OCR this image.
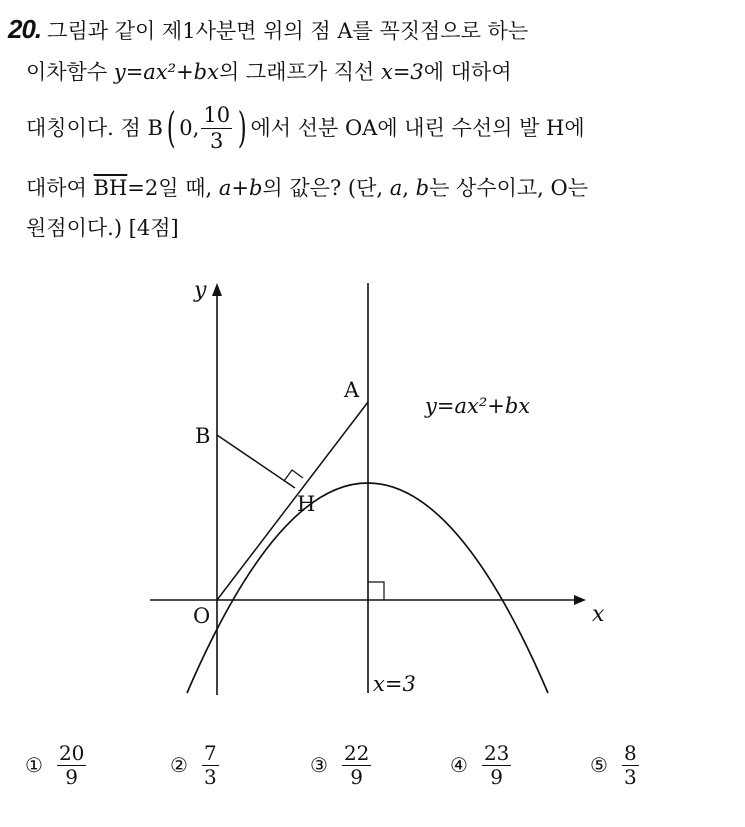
20. 그림과 같이 제1사분면 위의 점 A를 꼭짓점으로 하는
이차함수 y=ax²+bx의 그래프가 직선 x=3에 대하여
대칭이다. 점 B ( 0, $\frac{10}{3}$ ) 에서 선분 OA에 내린 수선의 발 H에
대하여 $\overline{BH}=2$일 때, a+b의 값은? (단, a, b는 상수이고, O는
원점이다.) [4점]
y
x
A
B
H
O
y=ax²+bx
x=3
① $\frac{20}{9}$	② $\frac{7}{3}$	③ $\frac{22}{9}$	④ $\frac{23}{9}$	⑤ $\frac{8}{3}$
